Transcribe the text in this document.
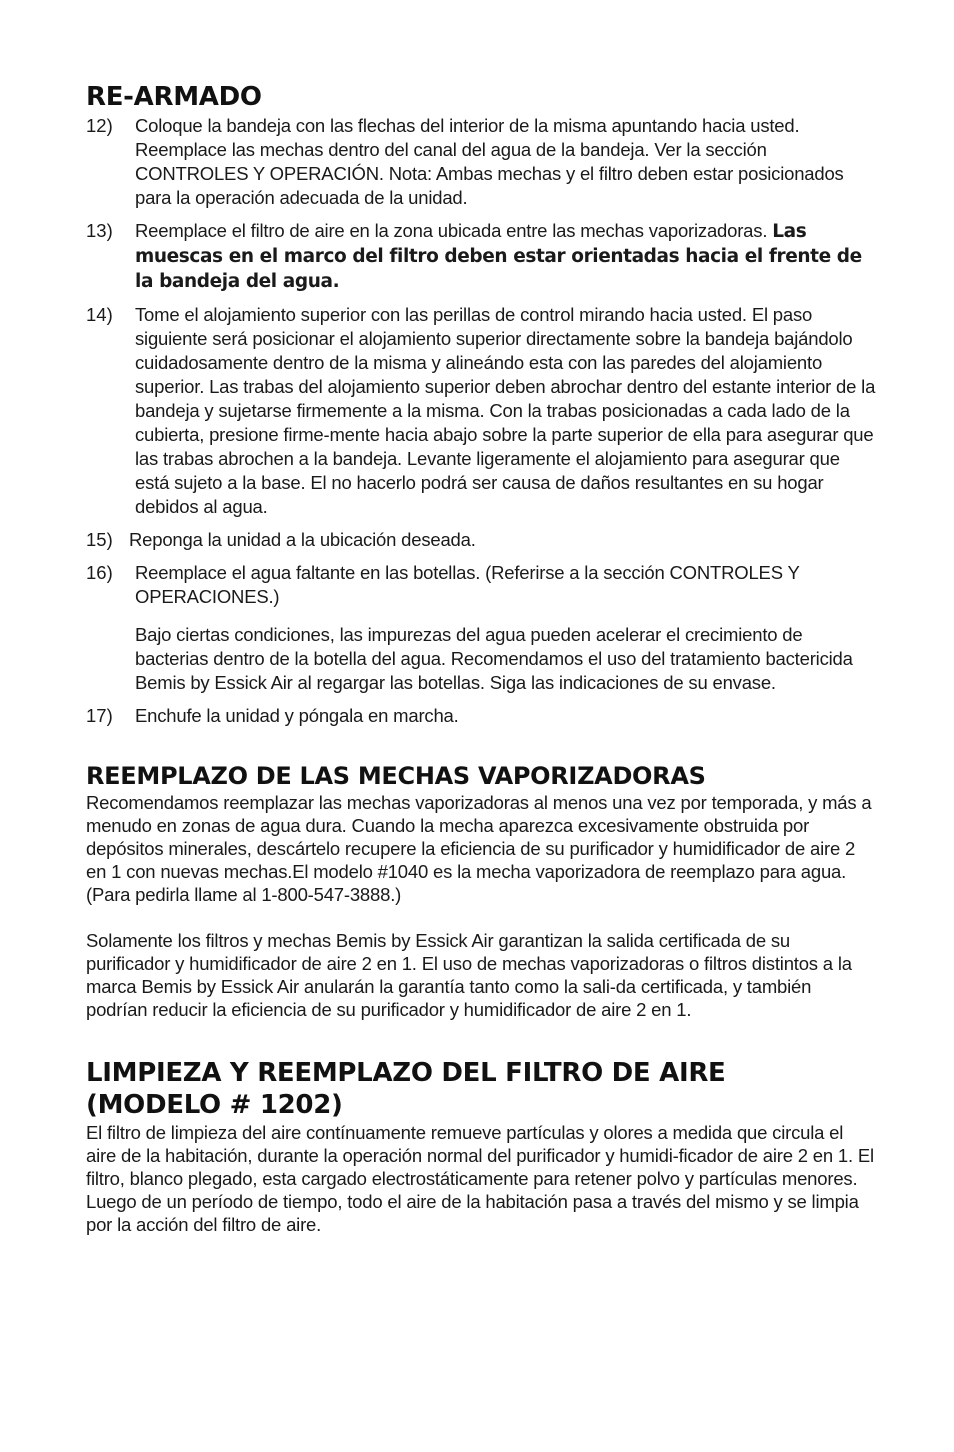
RE-ARMADO
12)	Coloque la bandeja con las flechas del interior de la misma apuntando hacia usted. Reemplace las mechas dentro del canal del agua de la bandeja. Ver la sección CONTROLES Y OPERACIÓN. Nota: Ambas mechas y el filtro deben estar posicionados para la operación adecuada de la unidad.
13)	Reemplace el filtro de aire en la zona ubicada entre las mechas vaporizadoras. Las muescas en el marco del filtro deben estar orientadas hacia el frente de la bandeja del agua.
14)	Tome el alojamiento superior con las perillas de control mirando hacia usted. El paso siguiente será posicionar el alojamiento superior directamente sobre la bandeja bajándolo cuidadosamente dentro de la misma y alineándo esta con las paredes del alojamiento superior. Las trabas del alojamiento superior deben abrochar dentro del estante interior de la bandeja y sujetarse firmemente a la misma. Con la trabas posicionadas a cada lado de la cubierta, presione firme-mente hacia abajo sobre la parte superior de ella para asegurar que las trabas abrochen a la bandeja. Levante ligeramente el alojamiento para asegurar que está sujeto a la base. El no hacerlo podrá ser causa de daños resultantes en su hogar debidos al agua.
15) Reponga la unidad a la ubicación deseada.
16)	Reemplace el agua faltante en las botellas. (Referirse a la sección CONTROLES Y OPERACIONES.)
Bajo ciertas condiciones, las impurezas del agua pueden acelerar el crecimiento de bacterias dentro de la botella del agua. Recomendamos el uso del tratamiento bactericida Bemis by Essick Air al regargar las botellas. Siga las indicaciones de su envase.
17)	Enchufe la unidad y póngala en marcha.
REEMPLAZO DE LAS MECHAS VAPORIZADORAS

Recomendamos reemplazar las mechas vaporizadoras al menos una vez por temporada, y más a menudo en zonas de agua dura. Cuando la mecha aparezca excesivamente obstruida por depósitos minerales, descártelo recupere la eficiencia de su purificador y humidificador de aire 2 en 1 con nuevas mechas.El modelo #1040 es la mecha vaporizadora de reemplazo para agua. (Para pedirla llame al 1-800-547-3888.)

Solamente los filtros y mechas Bemis by Essick Air garantizan la salida certificada de su purificador y humidificador de aire 2 en 1. El uso de mechas vaporizadoras o filtros distintos a la marca Bemis by Essick Air anularán la garantía tanto como la sali-da certificada, y también podrían reducir la eficiencia de su purificador y humidificador de aire 2 en 1.

LIMPIEZA Y REEMPLAZO DEL FILTRO DE AIRE
(MODELO # 1202)

El filtro de limpieza del aire contínuamente remueve partículas y olores a medida que circula el aire de la habitación, durante la operación normal del purificador y humidi-ficador de aire 2 en 1. El filtro, blanco plegado, esta cargado electrostáticamente para retener polvo y partículas menores. Luego de un período de tiempo, todo el aire de la habitación pasa a través del mismo y se limpia por la acción del filtro de aire.
